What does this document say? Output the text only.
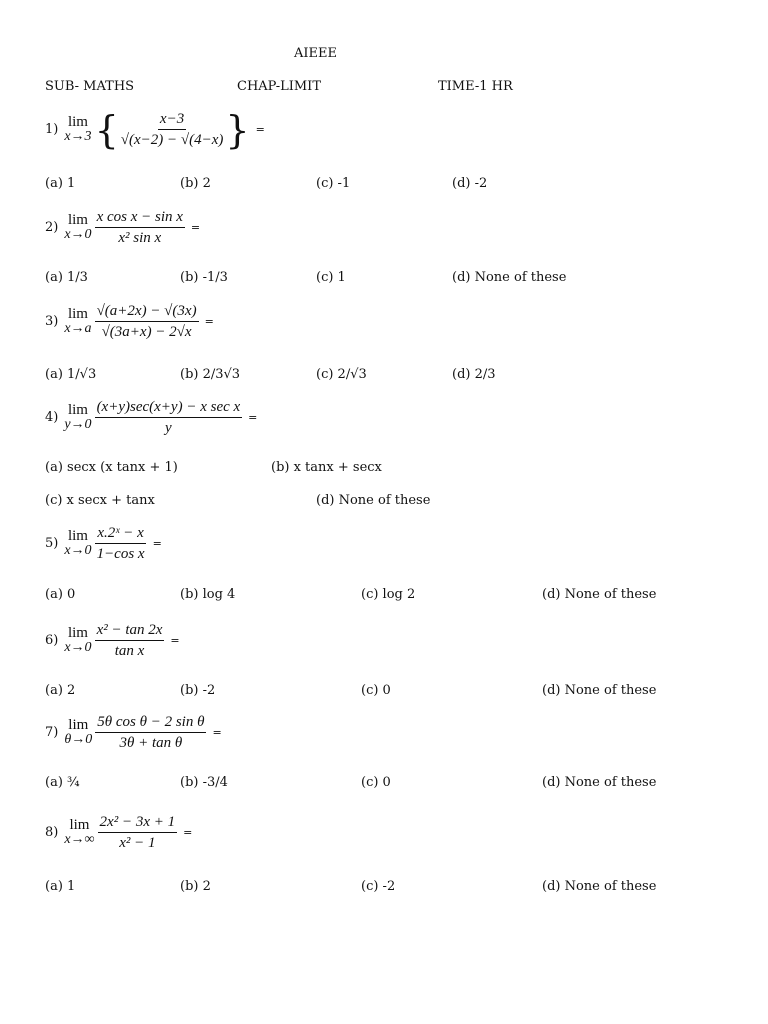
AIEEE
SUB- MATHS	CHAP-LIMIT	TIME-1 HR
1) lim
x→3 { $\frac{x-3}{√(x-2) - √(4-x)}$ } =
(a) 1	(b) 2	(c) -1	(d) -2
2) lim
$x\to 0 \frac{\text{x cos x − sin x}}{\text{x² sin x}}$ =
(a) 1/3	(b) -1/3	(c) 1	(d) None of these
3) lim
$x\to a \frac{√(a+2x) - √(3x)}{√(3a+x) - 2√x}$ =
(a) 1/√3	(b) 2/3√3	(c) 2/√3	(d) 2/3
4) lim
$y\to 0 \frac{\text{(x+y)sec(x+y) − x sec x}}{y}$ =
(a) secx (x tanx + 1)	(b) x tanx + secx
(c) x secx + tanx	(d) None of these
5) lim
$x\to 0 \frac{\text{x.2ˣ − x}}{\text{1−cos x}}$ =
(a) 0	(b) log 4	(c) log 2	(d) None of these
6) lim
$x\to 0 \frac{\text{x² − tan 2x}}{\text{tan x}}$ =
(a) 2	(b) -2	(c) 0	(d) None of these
7) lim
$\theta\to 0 \frac{\text{5θ cos θ − 2 sin θ}}{\text{3θ + tan θ}}$ =
(a) ¾	(b) -3/4	(c) 0	(d) None of these
8) lim
$x\to\infty \frac{\text{2x² − 3x + 1}}{\text{x² − 1}}$ =
(a) 1	(b) 2	(c) -2	(d) None of these
